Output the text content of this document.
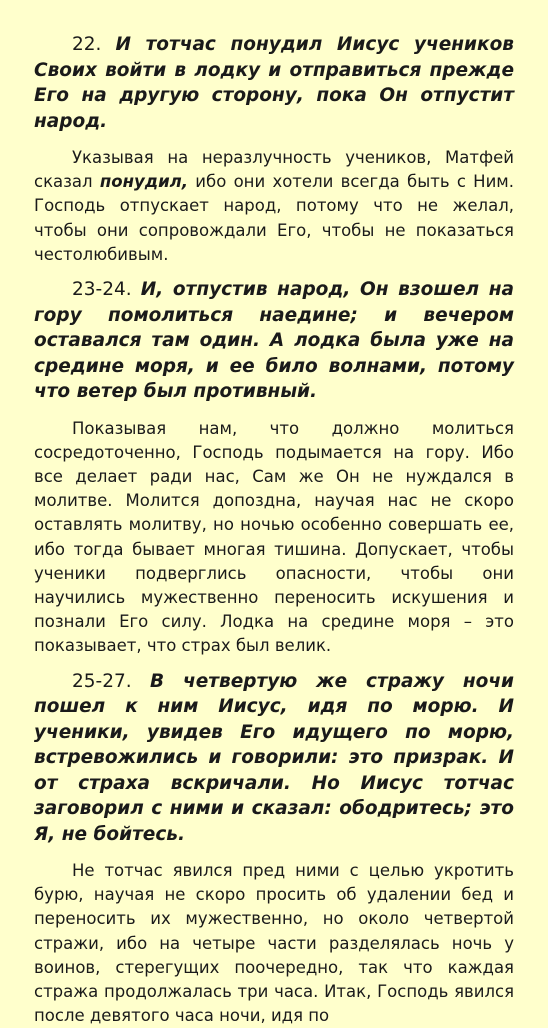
22. И тотчас понудил Иисус учеников Своих войти в лодку и отправиться прежде Его на другую сторону, пока Он отпустит народ.

Указывая на неразлучность учеников, Матфей сказал понудил, ибо они хотели всегда быть с Ним. Господь отпускает народ, потому что не желал, чтобы они сопровождали Его, чтобы не показаться честолюбивым.

23-24. И, отпустив народ, Он взошел на гору помолиться наедине; и вечером оставался там один. А лодка была уже на средине моря, и ее било волнами, потому что ветер был противный.

Показывая нам, что должно молиться сосредоточенно, Господь подымается на гору. Ибо все делает ради нас, Сам же Он не нуждался в молитве. Молится допоздна, научая нас не скоро оставлять молитву, но ночью особенно совершать ее, ибо тогда бывает многая тишина. Допускает, чтобы ученики подверглись опасности, чтобы они научились мужественно переносить искушения и познали Его силу. Лодка на средине моря – это показывает, что страх был велик.

25-27. В четвертую же стражу ночи пошел к ним Иисус, идя по морю. И ученики, увидев Его идущего по морю, встревожились и говорили: это призрак. И от страха вскричали. Но Иисус тотчас заговорил с ними и сказал: ободритесь; это Я, не бойтесь.

Не тотчас явился пред ними с целью укротить бурю, научая не скоро просить об удалении бед и переносить их мужественно, но около четвертой стражи, ибо на четыре части разделялась ночь у воинов, стерегущих поочередно, так что каждая стража продолжалась три часа. Итак, Господь явился после девятого часа ночи, идя по
